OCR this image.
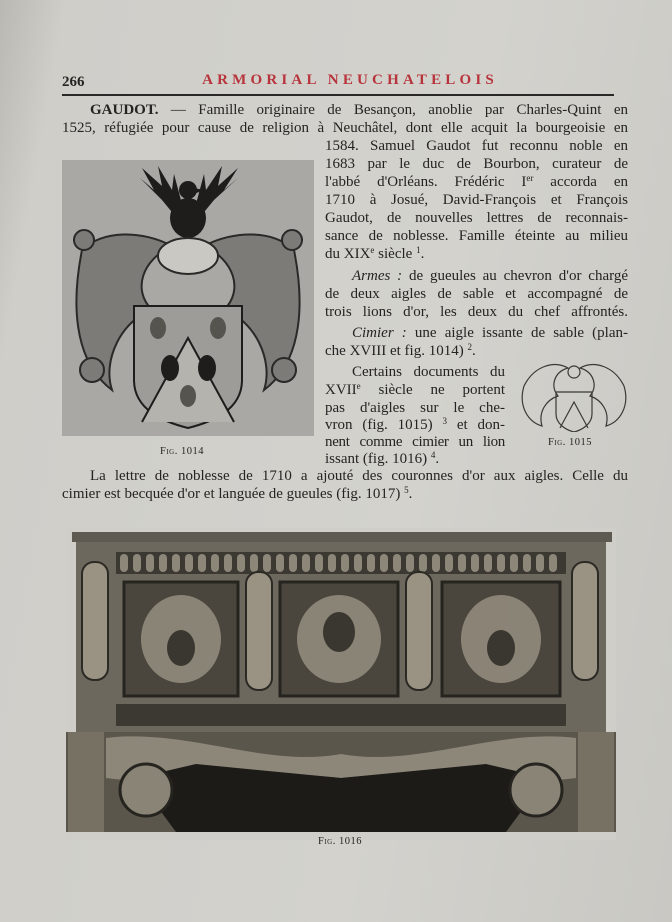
266	ARMORIAL NEUCHATELOIS
GAUDOT. — Famille originaire de Besançon, anoblie par Charles-Quint en
1525, réfugiée pour cause de religion à Neuchâtel, dont elle acquit la bourgeoisie en
1584. Samuel Gaudot fut reconnu noble en
1683 par le duc de Bourbon, curateur de
l'abbé d'Orléans. Frédéric Ier accorda en
1710 à Josué, David-François et François
Gaudot, de nouvelles lettres de reconnais-
sance de noblesse. Famille éteinte au milieu
du XIXe siècle $^1$.
Armes : de gueules au chevron d'or chargé
de deux aigles de sable et accompagné de
trois lions d'or, les deux du chef affrontés.
Cimier : une aigle issante de sable (plan-
che XVIII et fig. 1014) $^2$.
Certains documents du
XVIIe siècle ne portent
pas d'aigles sur le che-
vron (fig. 1015) $^3$ et don-
nent comme cimier un lion
issant (fig. 1016) $^4$.
La lettre de noblesse de 1710 a ajouté des couronnes d'or aux aigles. Celle du
cimier est becquée d'or et languée de gueules (fig. 1017) $^5$.
Fig. 1014
Fig. 1015
Fig. 1016
